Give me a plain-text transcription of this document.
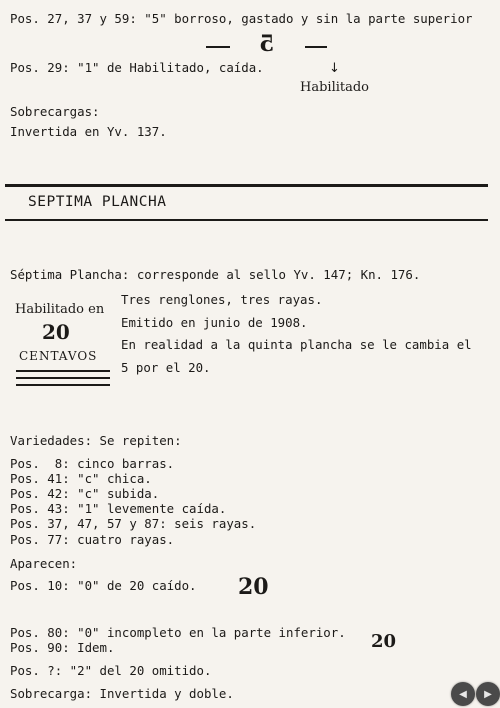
Pos. 27, 37 y 59: "5" borroso, gastado y sin la parte superior
5
Pos. 29: "1" de Habilitado, caída.	↓
Habilitado
Sobrecargas:
Invertida en Yv. 137.
SEPTIMA PLANCHA
Séptima Plancha: corresponde al sello Yv. 147; Kn. 176.
Habilitado en
20
CENTAVOS
Tres renglones, tres rayas.
Emitido en junio de 1908.
En realidad a la quinta plancha se le cambia el
5 por el 20.
Variedades: Se repiten:
Pos.  8: cinco barras.
Pos. 41: "c" chica.
Pos. 42: "c" subida.
Pos. 43: "1" levemente caída.
Pos. 37, 47, 57 y 87: seis rayas.
Pos. 77: cuatro rayas.
Aparecen:
Pos. 10: "0" de 20 caído. 20
Pos. 80: "0" incompleto en la parte inferior.
Pos. 90: Idem.	20
Pos. ?: "2" del 20 omitido.
Sobrecarga: Invertida y doble.	◀	▶
